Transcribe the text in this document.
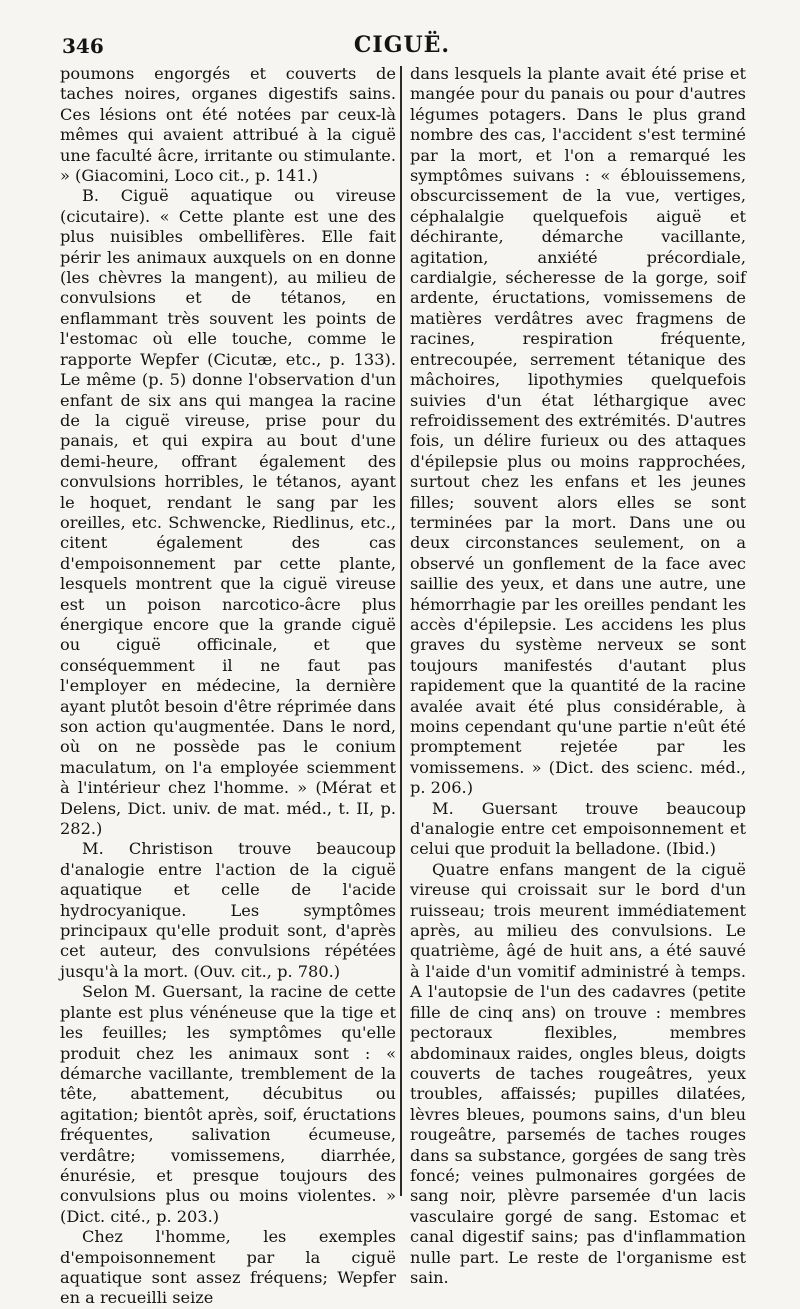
346	CIGUË.

poumons engorgés et couverts de taches noires, organes digestifs sains. Ces lésions ont été notées par ceux-là mêmes qui avaient attribué à la ciguë une faculté âcre, irritante ou stimulante. » (Giacomini, Loco cit., p. 141.)

B. Ciguë aquatique ou vireuse (cicutaire). « Cette plante est une des plus nuisibles ombellifères. Elle fait périr les animaux auxquels on en donne (les chèvres la mangent), au milieu de convulsions et de tétanos, en enflammant très souvent les points de l'estomac où elle touche, comme le rapporte Wepfer (Cicutæ, etc., p. 133). Le même (p. 5) donne l'observation d'un enfant de six ans qui mangea la racine de la ciguë vireuse, prise pour du panais, et qui expira au bout d'une demi-heure, offrant également des convulsions horribles, le tétanos, ayant le hoquet, rendant le sang par les oreilles, etc. Schwencke, Riedlinus, etc., citent également des cas d'empoisonnement par cette plante, lesquels montrent que la ciguë vireuse est un poison narcotico-âcre plus énergique encore que la grande ciguë ou ciguë officinale, et que conséquemment il ne faut pas l'employer en médecine, la dernière ayant plutôt besoin d'être réprimée dans son action qu'augmentée. Dans le nord, où on ne possède pas le conium maculatum, on l'a employée sciemment à l'intérieur chez l'homme. » (Mérat et Delens, Dict. univ. de mat. méd., t. II, p. 282.)

M. Christison trouve beaucoup d'analogie entre l'action de la ciguë aquatique et celle de l'acide hydrocyanique. Les symptômes principaux qu'elle produit sont, d'après cet auteur, des convulsions répétées jusqu'à la mort. (Ouv. cit., p. 780.)

Selon M. Guersant, la racine de cette plante est plus vénéneuse que la tige et les feuilles; les symptômes qu'elle produit chez les animaux sont : « démarche vacillante, tremblement de la tête, abattement, décubitus ou agitation; bientôt après, soif, éructations fréquentes, salivation écumeuse, verdâtre; vomissemens, diarrhée, énurésie, et presque toujours des convulsions plus ou moins violentes. » (Dict. cité., p. 203.)

Chez l'homme, les exemples d'empoisonnement par la ciguë aquatique sont assez fréquens; Wepfer en a recueilli seize

dans lesquels la plante avait été prise et mangée pour du panais ou pour d'autres légumes potagers. Dans le plus grand nombre des cas, l'accident s'est terminé par la mort, et l'on a remarqué les symptômes suivans : « éblouissemens, obscurcissement de la vue, vertiges, céphalalgie quelquefois aiguë et déchirante, démarche vacillante, agitation, anxiété précordiale, cardialgie, sécheresse de la gorge, soif ardente, éructations, vomissemens de matières verdâtres avec fragmens de racines, respiration fréquente, entrecoupée, serrement tétanique des mâchoires, lipothymies quelquefois suivies d'un état léthargique avec refroidissement des extrémités. D'autres fois, un délire furieux ou des attaques d'épilepsie plus ou moins rapprochées, surtout chez les enfans et les jeunes filles; souvent alors elles se sont terminées par la mort. Dans une ou deux circonstances seulement, on a observé un gonflement de la face avec saillie des yeux, et dans une autre, une hémorrhagie par les oreilles pendant les accès d'épilepsie. Les accidens les plus graves du système nerveux se sont toujours manifestés d'autant plus rapidement que la quantité de la racine avalée avait été plus considérable, à moins cependant qu'une partie n'eût été promptement rejetée par les vomissemens. » (Dict. des scienc. méd., p. 206.)

M. Guersant trouve beaucoup d'analogie entre cet empoisonnement et celui que produit la belladone. (Ibid.)

Quatre enfans mangent de la ciguë vireuse qui croissait sur le bord d'un ruisseau; trois meurent immédiatement après, au milieu des convulsions. Le quatrième, âgé de huit ans, a été sauvé à l'aide d'un vomitif administré à temps. A l'autopsie de l'un des cadavres (petite fille de cinq ans) on trouve : membres pectoraux flexibles, membres abdominaux raides, ongles bleus, doigts couverts de taches rougeâtres, yeux troubles, affaissés; pupilles dilatées, lèvres bleues, poumons sains, d'un bleu rougeâtre, parsemés de taches rouges dans sa substance, gorgées de sang très foncé; veines pulmonaires gorgées de sang noir, plèvre parsemée d'un lacis vasculaire gorgé de sang. Estomac et canal digestif sains; pas d'inflammation nulle part. Le reste de l'organisme est sain.
